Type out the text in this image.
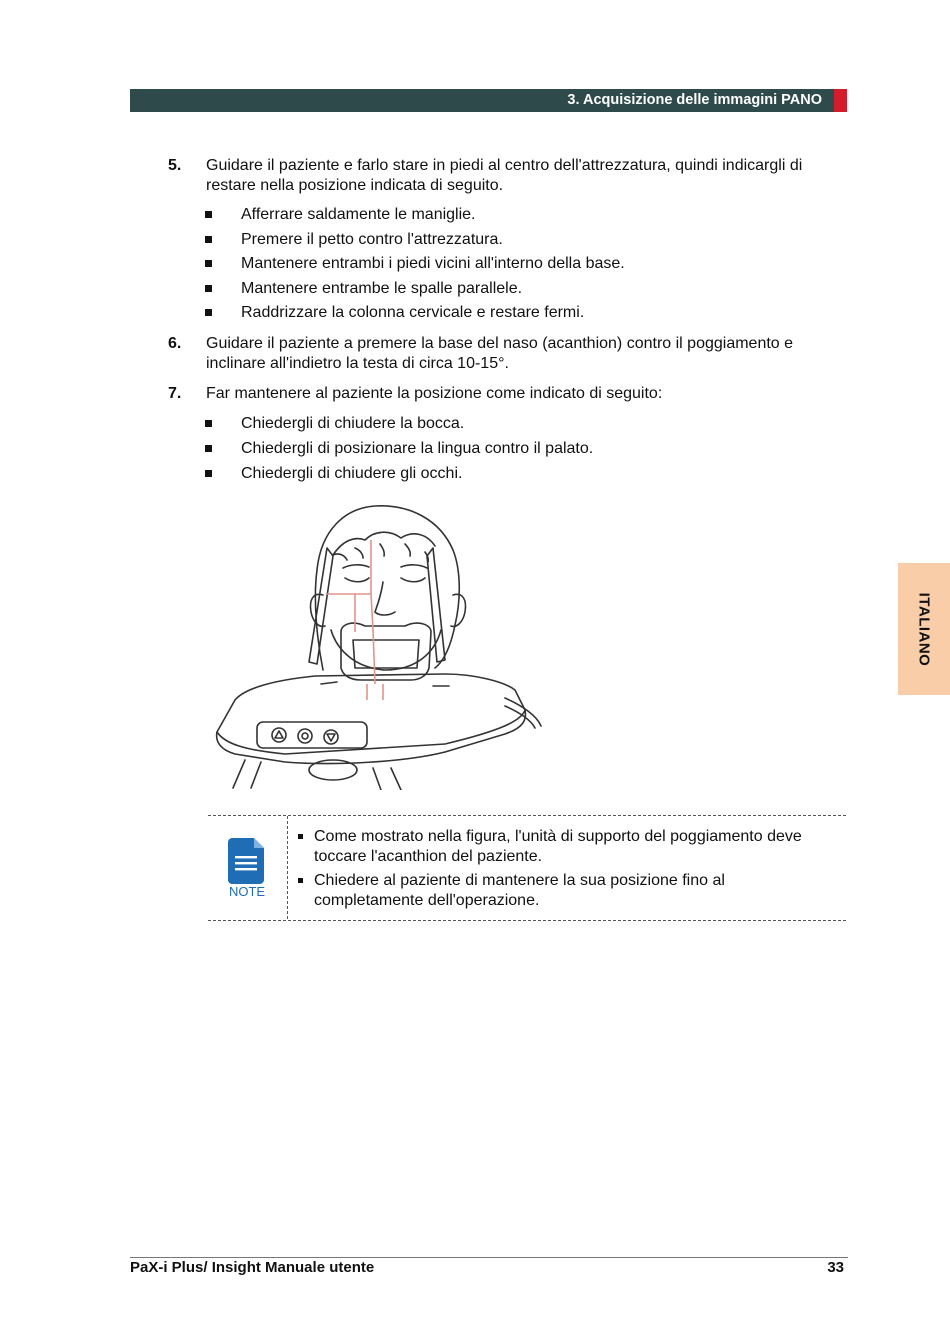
3. Acquisizione delle immagini PANO
5. Guidare il paziente e farlo stare in piedi al centro dell'attrezzatura, quindi indicargli di restare nella posizione indicata di seguito.
Afferrare saldamente le maniglie.
Premere il petto contro l'attrezzatura.
Mantenere entrambi i piedi vicini all'interno della base.
Mantenere entrambe le spalle parallele.
Raddrizzare la colonna cervicale e restare fermi.
6. Guidare il paziente a premere la base del naso (acanthion) contro il poggiamento e inclinare all'indietro la testa di circa 10-15°.
7. Far mantenere al paziente la posizione come indicato di seguito:
Chiedergli di chiudere la bocca.
Chiedergli di posizionare la lingua contro il palato.
Chiedergli di chiudere gli occhi.
NOTE
Come mostrato nella figura, l'unità di supporto del poggiamento deve toccare l'acanthion del paziente.
Chiedere al paziente di mantenere la sua posizione fino al completamente dell'operazione.
ITALIANO
PaX-i Plus/ Insight Manuale utente	33
